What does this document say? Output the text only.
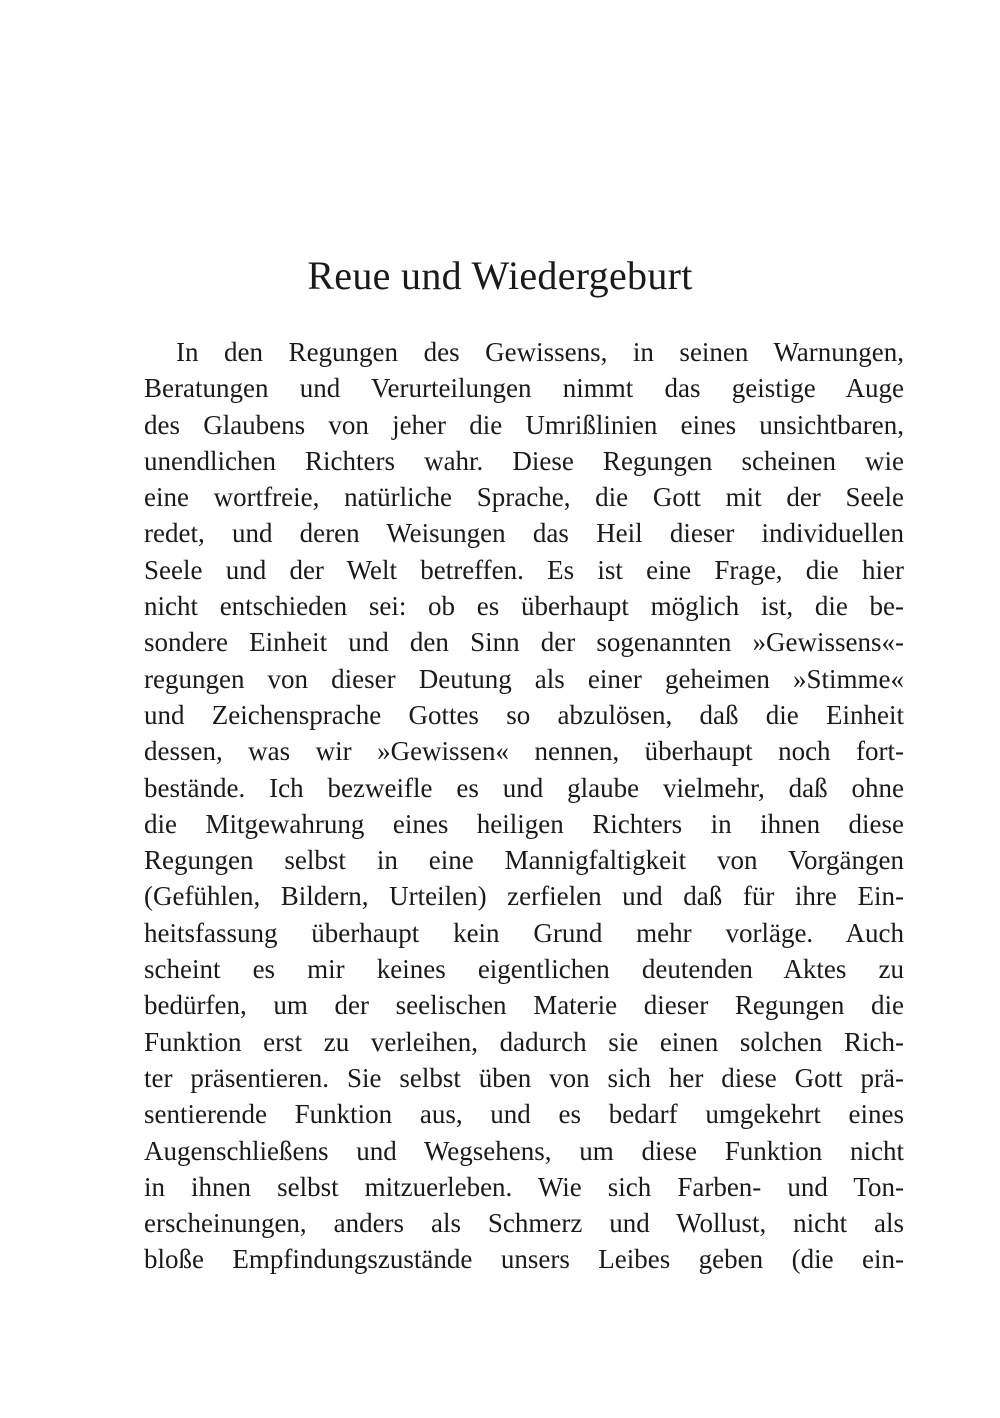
Reue und Wiedergeburt
In den Regungen des Gewissens, in seinen Warnungen,
Beratungen und Verurteilungen nimmt das geistige Auge
des Glaubens von jeher die Umrißlinien eines unsichtbaren,
unendlichen Richters wahr. Diese Regungen scheinen wie
eine wortfreie, natürliche Sprache, die Gott mit der Seele
redet, und deren Weisungen das Heil dieser individuellen
Seele und der Welt betreffen. Es ist eine Frage, die hier
nicht entschieden sei: ob es überhaupt möglich ist, die be-
sondere Einheit und den Sinn der sogenannten »Gewissens«-
regungen von dieser Deutung als einer geheimen »Stimme«
und Zeichensprache Gottes so abzulösen, daß die Einheit
dessen, was wir »Gewissen« nennen, überhaupt noch fort-
bestände. Ich bezweifle es und glaube vielmehr, daß ohne
die Mitgewahrung eines heiligen Richters in ihnen diese
Regungen selbst in eine Mannigfaltigkeit von Vorgängen
(Gefühlen, Bildern, Urteilen) zerfielen und daß für ihre Ein-
heitsfassung überhaupt kein Grund mehr vorläge. Auch
scheint es mir keines eigentlichen deutenden Aktes zu
bedürfen, um der seelischen Materie dieser Regungen die
Funktion erst zu verleihen, dadurch sie einen solchen Rich-
ter präsentieren. Sie selbst üben von sich her diese Gott prä-
sentierende Funktion aus, und es bedarf umgekehrt eines
Augenschließens und Wegsehens, um diese Funktion nicht
in ihnen selbst mitzuerleben. Wie sich Farben- und Ton-
erscheinungen, anders als Schmerz und Wollust, nicht als
bloße Empfindungszustände unsers Leibes geben (die ein-
